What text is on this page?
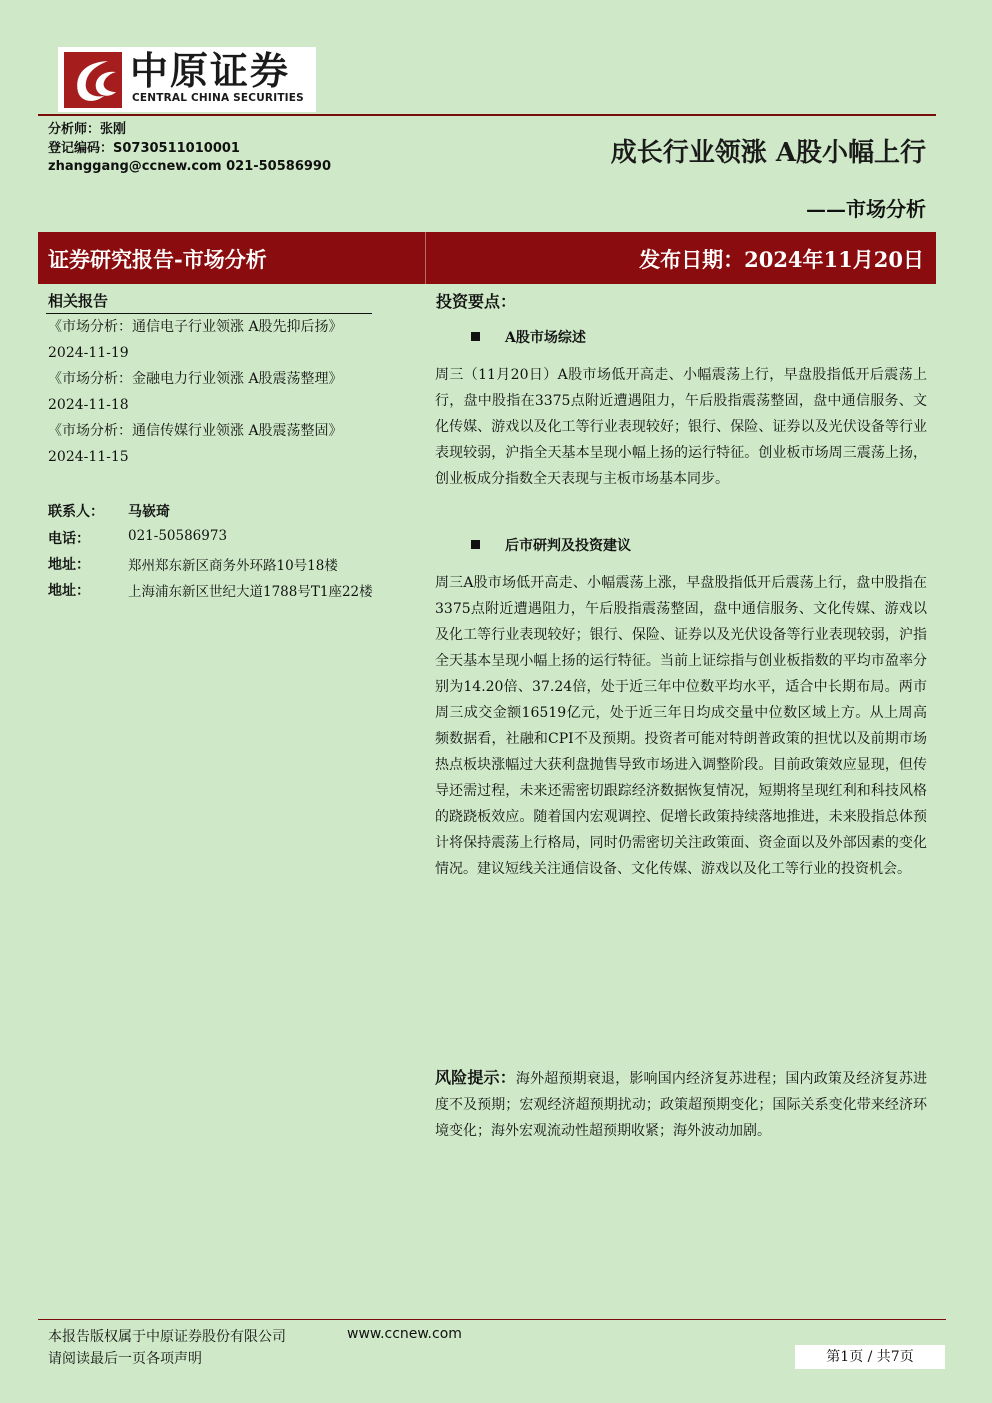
中原证券
CENTRAL CHINA SECURITIES
分析师：张刚
登记编码：S0730511010001
zhanggang@ccnew.com 021-50586990	成长行业领涨 A股小幅上行
——市场分析
证券研究报告-市场分析	发布日期：2024年11月20日
相关报告
《市场分析：通信电子行业领涨 A股先抑后扬》 2024-11-19
《市场分析：金融电力行业领涨 A股震荡整理》 2024-11-18
《市场分析：通信传媒行业领涨 A股震荡整固》 2024-11-15
联系人： 马嵚琦
电话：	021-50586973
地址：	郑州郑东新区商务外环路10号18楼
地址：	上海浦东新区世纪大道1788号T1座22楼
投资要点：
A股市场综述
周三（11月20日）A股市场低开高走、小幅震荡上行，早盘股指低开后震荡上行，盘中股指在3375点附近遭遇阻力，午后股指震荡整固，盘中通信服务、文化传媒、游戏以及化工等行业表现较好；银行、保险、证券以及光伏设备等行业表现较弱，沪指全天基本呈现小幅上扬的运行特征。创业板市场周三震荡上扬，创业板成分指数全天表现与主板市场基本同步。
后市研判及投资建议
周三A股市场低开高走、小幅震荡上涨，早盘股指低开后震荡上行，盘中股指在3375点附近遭遇阻力，午后股指震荡整固，盘中通信服务、文化传媒、游戏以及化工等行业表现较好；银行、保险、证券以及光伏设备等行业表现较弱，沪指全天基本呈现小幅上扬的运行特征。当前上证综指与创业板指数的平均市盈率分别为14.20倍、37.24倍，处于近三年中位数平均水平，适合中长期布局。两市周三成交金额16519亿元，处于近三年日均成交量中位数区域上方。从上周高频数据看，社融和CPI不及预期。投资者可能对特朗普政策的担忧以及前期市场热点板块涨幅过大获利盘抛售导致市场进入调整阶段。目前政策效应显现，但传导还需过程，未来还需密切跟踪经济数据恢复情况，短期将呈现红利和科技风格的跷跷板效应。随着国内宏观调控、促增长政策持续落地推进，未来股指总体预计将保持震荡上行格局，同时仍需密切关注政策面、资金面以及外部因素的变化情况。建议短线关注通信设备、文化传媒、游戏以及化工等行业的投资机会。
风险提示：海外超预期衰退，影响国内经济复苏进程；国内政策及经济复苏进度不及预期；宏观经济超预期扰动；政策超预期变化；国际关系变化带来经济环境变化；海外宏观流动性超预期收紧；海外波动加剧。
本报告版权属于中原证券股份有限公司	www.ccnew.com
请阅读最后一页各项声明	第1页 / 共7页
